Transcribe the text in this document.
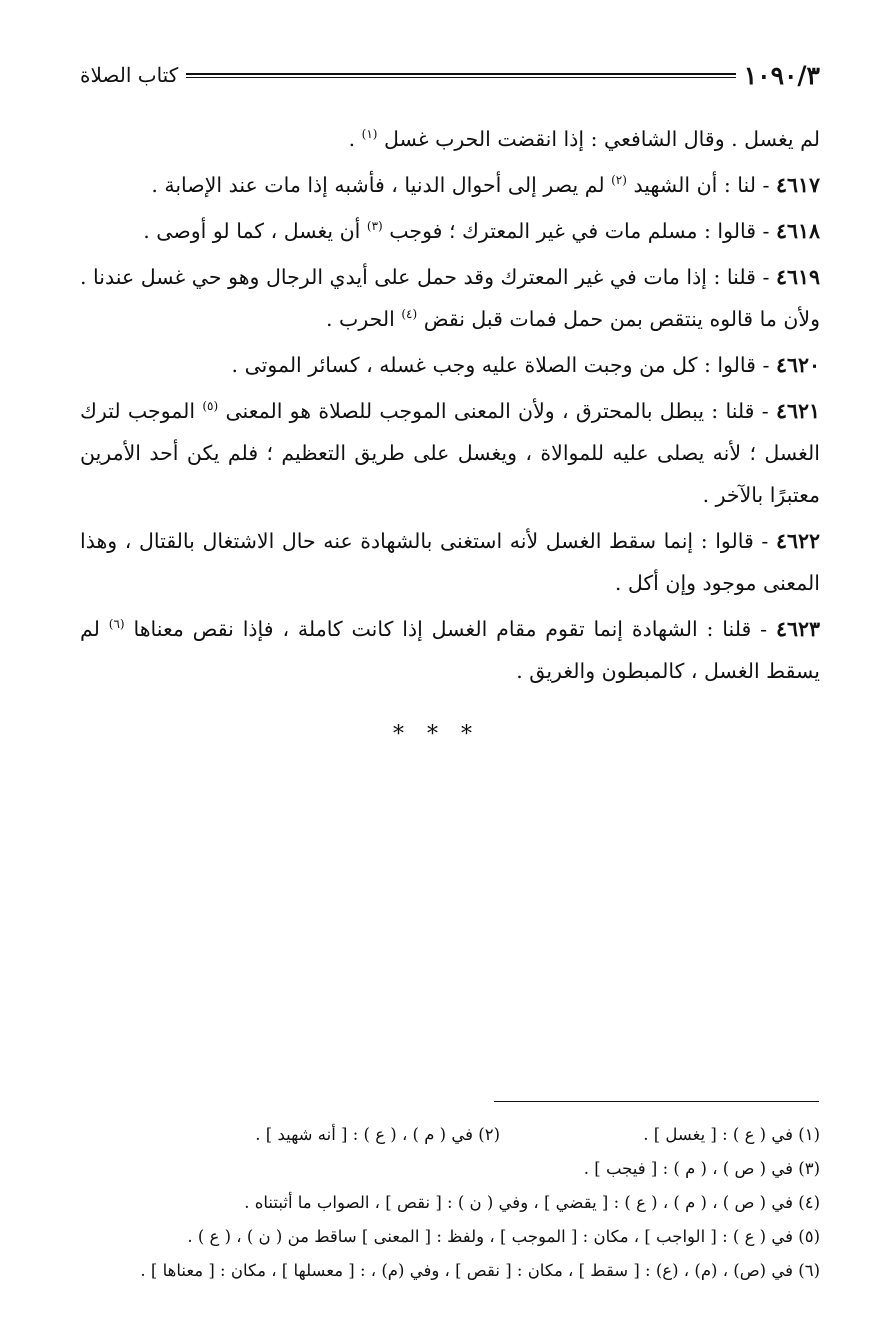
١٠٩٠/٣
كتاب الصلاة

لم يغسل . وقال الشافعي : إذا انقضت الحرب غسل $^{(١)}$ .

٤٦١٧ - لنا : أن الشهيد $^{(٢)}$ لم يصر إلى أحوال الدنيا ، فأشبه إذا مات عند الإصابة .

٤٦١٨ - قالوا : مسلم مات في غير المعترك ؛ فوجب $^{(٣)}$ أن يغسل ، كما لو أوصى .

٤٦١٩ - قلنا : إذا مات في غير المعترك وقد حمل على أيدي الرجال وهو حي غسل عندنا . ولأن ما قالوه ينتقص بمن حمل فمات قبل نقض $^{(٤)}$ الحرب .

٤٦٢٠ - قالوا : كل من وجبت الصلاة عليه وجب غسله ، كسائر الموتى .

٤٦٢١ - قلنا : يبطل بالمحترق ، ولأن المعنى الموجب للصلاة هو المعنى $^{(٥)}$ الموجب لترك الغسل ؛ لأنه يصلى عليه للموالاة ، ويغسل على طريق التعظيم ؛ فلم يكن أحد الأمرين معتبرًا بالآخر .

٤٦٢٢ - قالوا : إنما سقط الغسل لأنه استغنى بالشهادة عنه حال الاشتغال بالقتال ، وهذا المعنى موجود وإن أكل .

٤٦٢٣ - قلنا : الشهادة إنما تقوم مقام الغسل إذا كانت كاملة ، فإذا نقص معناها $^{(٦)}$ لم يسقط الغسل ، كالمبطون والغريق .

* * *
(١) في ( ع ) : [ يغسل ] .
(٢) في ( م ) ، ( ع ) : [ أنه شهيد ] .
(٣) في ( ص ) ، ( م ) : [ فيجب ] .
(٤) في ( ص ) ، ( م ) ، ( ع ) : [ يقضي ] ، وفي ( ن ) : [ نقص ] ، الصواب ما أثبتناه .
(٥) في ( ع ) : [ الواجب ] ، مكان : [ الموجب ] ، ولفظ : [ المعنى ] ساقط من ( ن ) ، ( ع ) .
(٦) في (ص) ، (م) ، (ع) : [ سقط ] ، مكان : [ نقص ] ، وفي (م) ، : [ معسلها ] ، مكان : [ معناها ] .
